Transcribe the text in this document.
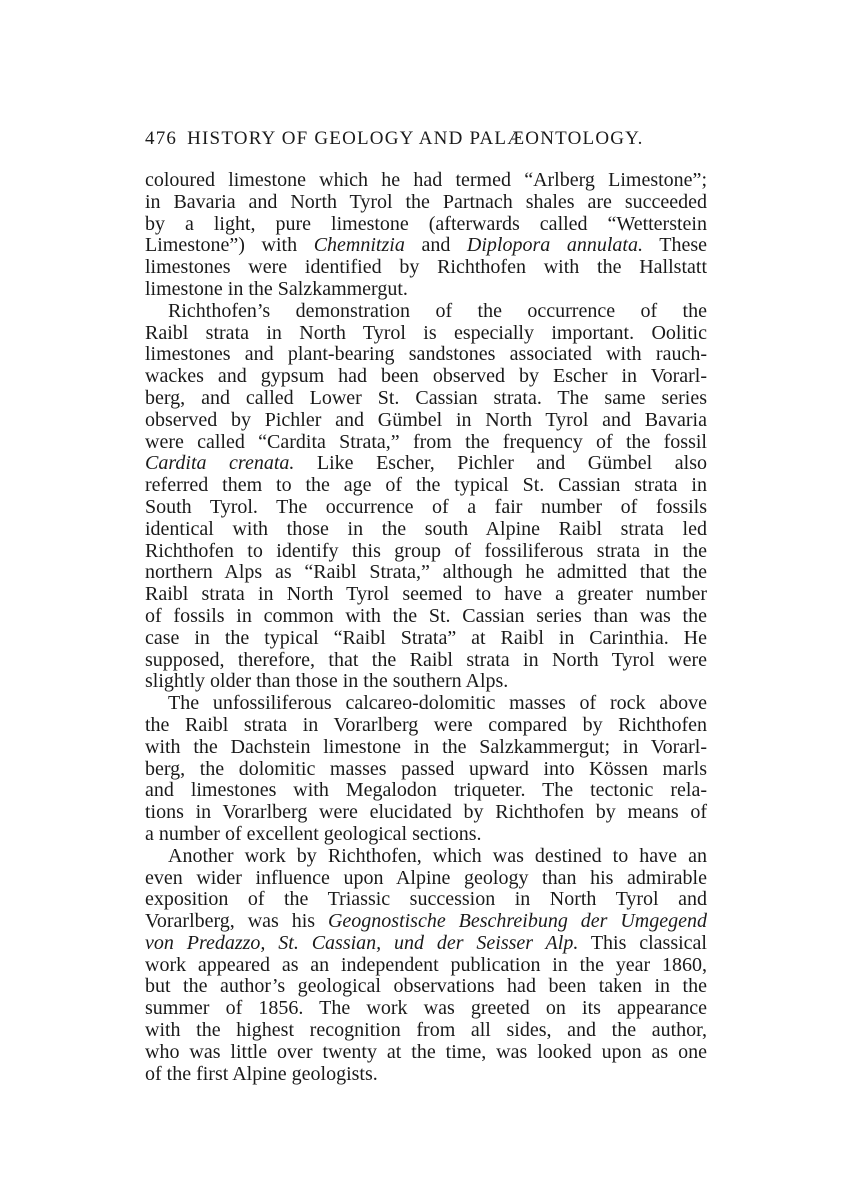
476 HISTORY OF GEOLOGY AND PALÆONTOLOGY.
coloured limestone which he had termed “Arlberg Limestone”;
in Bavaria and North Tyrol the Partnach shales are succeeded
by a light, pure limestone (afterwards called “Wetterstein
Limestone”) with Chemnitzia and Diplopora annulata. These
limestones were identified by Richthofen with the Hallstatt
limestone in the Salzkammergut.
Richthofen’s demonstration of the occurrence of the
Raibl strata in North Tyrol is especially important. Oolitic
limestones and plant-bearing sandstones associated with rauch-
wackes and gypsum had been observed by Escher in Vorarl-
berg, and called Lower St. Cassian strata. The same series
observed by Pichler and Gümbel in North Tyrol and Bavaria
were called “Cardita Strata,” from the frequency of the fossil
Cardita crenata. Like Escher, Pichler and Gümbel also
referred them to the age of the typical St. Cassian strata in
South Tyrol. The occurrence of a fair number of fossils
identical with those in the south Alpine Raibl strata led
Richthofen to identify this group of fossiliferous strata in the
northern Alps as “Raibl Strata,” although he admitted that the
Raibl strata in North Tyrol seemed to have a greater number
of fossils in common with the St. Cassian series than was the
case in the typical “Raibl Strata” at Raibl in Carinthia. He
supposed, therefore, that the Raibl strata in North Tyrol were
slightly older than those in the southern Alps.
The unfossiliferous calcareo-dolomitic masses of rock above
the Raibl strata in Vorarlberg were compared by Richthofen
with the Dachstein limestone in the Salzkammergut; in Vorarl-
berg, the dolomitic masses passed upward into Kössen marls
and limestones with Megalodon triqueter. The tectonic rela-
tions in Vorarlberg were elucidated by Richthofen by means of
a number of excellent geological sections.
Another work by Richthofen, which was destined to have an
even wider influence upon Alpine geology than his admirable
exposition of the Triassic succession in North Tyrol and
Vorarlberg, was his Geognostische Beschreibung der Umgegend
von Predazzo, St. Cassian, und der Seisser Alp. This classical
work appeared as an independent publication in the year 1860,
but the author’s geological observations had been taken in the
summer of 1856. The work was greeted on its appearance
with the highest recognition from all sides, and the author,
who was little over twenty at the time, was looked upon as one
of the first Alpine geologists.
